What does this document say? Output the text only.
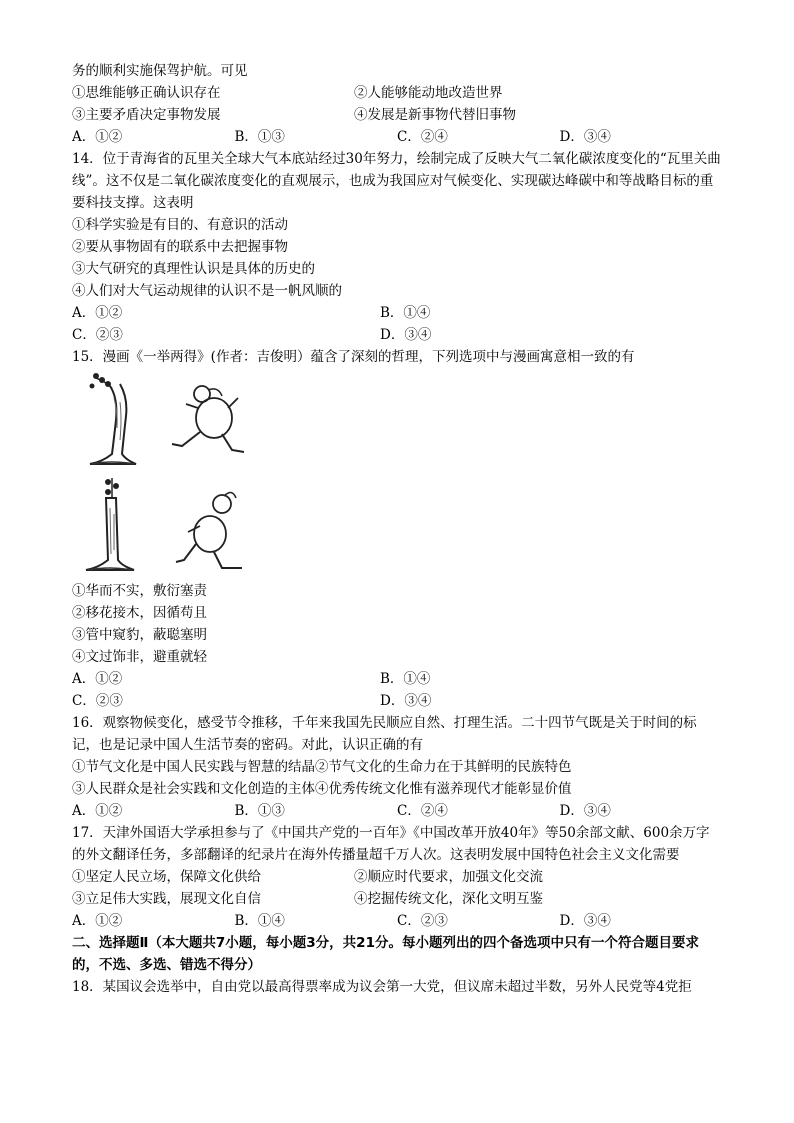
务的顺利实施保驾护航。可见
①思维能够正确认识存在	②人能够能动地改造世界
③主要矛盾决定事物发展	④发展是新事物代替旧事物
A．①②	B．①③	C．②④	D．③④
14．位于青海省的瓦里关全球大气本底站经过30年努力，绘制完成了反映大气二氧化碳浓度变化的“瓦里关曲线”。这不仅是二氧化碳浓度变化的直观展示，也成为我国应对气候变化、实现碳达峰碳中和等战略目标的重要科技支撑。这表明
①科学实验是有目的、有意识的活动
②要从事物固有的联系中去把握事物
③大气研究的真理性认识是具体的历史的
④人们对大气运动规律的认识不是一帆风顺的
A．①②	B．①④
C．②③	D．③④
15．漫画《一举两得》(作者：吉俊明）蕴含了深刻的哲理，下列选项中与漫画寓意相一致的有
①华而不实，敷衍塞责
②移花接木，因循苟且
③管中窥豹，蔽聪塞明
④文过饰非，避重就轻
A．①②	B．①④
C．②③	D．③④
16．观察物候变化，感受节令推移，千年来我国先民顺应自然、打理生活。二十四节气既是关于时间的标记，也是记录中国人生活节奏的密码。对此，认识正确的有
①节气文化是中国人民实践与智慧的结晶②节气文化的生命力在于其鲜明的民族特色
③人民群众是社会实践和文化创造的主体④优秀传统文化惟有滋养现代才能彰显价值
A．①②	B．①③	C．②④	D．③④
17．天津外国语大学承担参与了《中国共产党的一百年》《中国改革开放40年》等50余部文献、600余万字的外文翻译任务，多部翻译的纪录片在海外传播量超千万人次。这表明发展中国特色社会主义文化需要
①坚定人民立场，保障文化供给	②顺应时代要求，加强文化交流
③立足伟大实践，展现文化自信	④挖掘传统文化，深化文明互鉴
A．①②	B．①④	C．②③	D．③④
二、选择题Ⅱ（本大题共7小题，每小题3分，共21分。每小题列出的四个备选项中只有一个符合题目要求的，不选、多选、错选不得分）
18．某国议会选举中，自由党以最高得票率成为议会第一大党，但议席未超过半数，另外人民党等4党拒
